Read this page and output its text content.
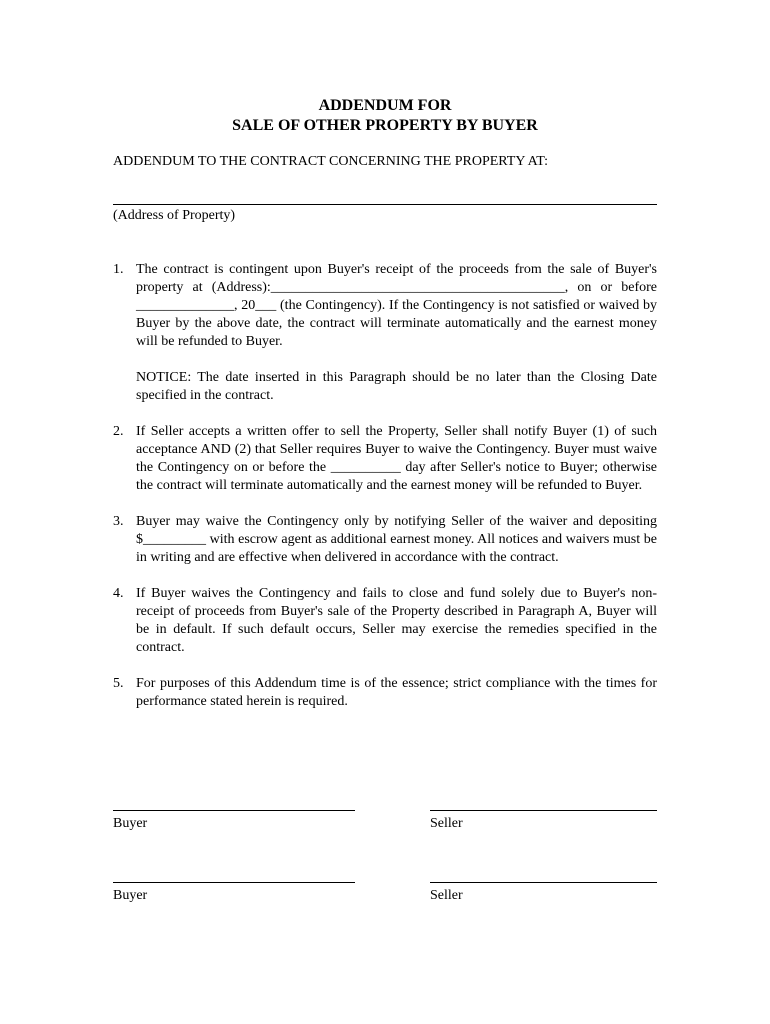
ADDENDUM FOR

SALE OF OTHER PROPERTY BY BUYER

ADDENDUM TO THE CONTRACT CONCERNING THE PROPERTY AT:

(Address of Property)

1. The contract is contingent upon Buyer's receipt of the proceeds from the sale of Buyer's property at (Address):__________________________________________, on or before ______________, 20___ (the Contingency). If the Contingency is not satisfied or waived by Buyer by the above date, the contract will terminate automatically and the earnest money will be refunded to Buyer.

NOTICE: The date inserted in this Paragraph should be no later than the Closing Date specified in the contract.

2. If Seller accepts a written offer to sell the Property, Seller shall notify Buyer (1) of such acceptance AND (2) that Seller requires Buyer to waive the Contingency. Buyer must waive the Contingency on or before the __________ day after Seller's notice to Buyer; otherwise the contract will terminate automatically and the earnest money will be refunded to Buyer.

3. Buyer may waive the Contingency only by notifying Seller of the waiver and depositing $_________ with escrow agent as additional earnest money. All notices and waivers must be in writing and are effective when delivered in accordance with the contract.

4. If Buyer waives the Contingency and fails to close and fund solely due to Buyer's non-receipt of proceeds from Buyer's sale of the Property described in Paragraph A, Buyer will be in default. If such default occurs, Seller may exercise the remedies specified in the contract.

5. For purposes of this Addendum time is of the essence; strict compliance with the times for performance stated herein is required.

Buyer	Seller

Buyer	Seller
